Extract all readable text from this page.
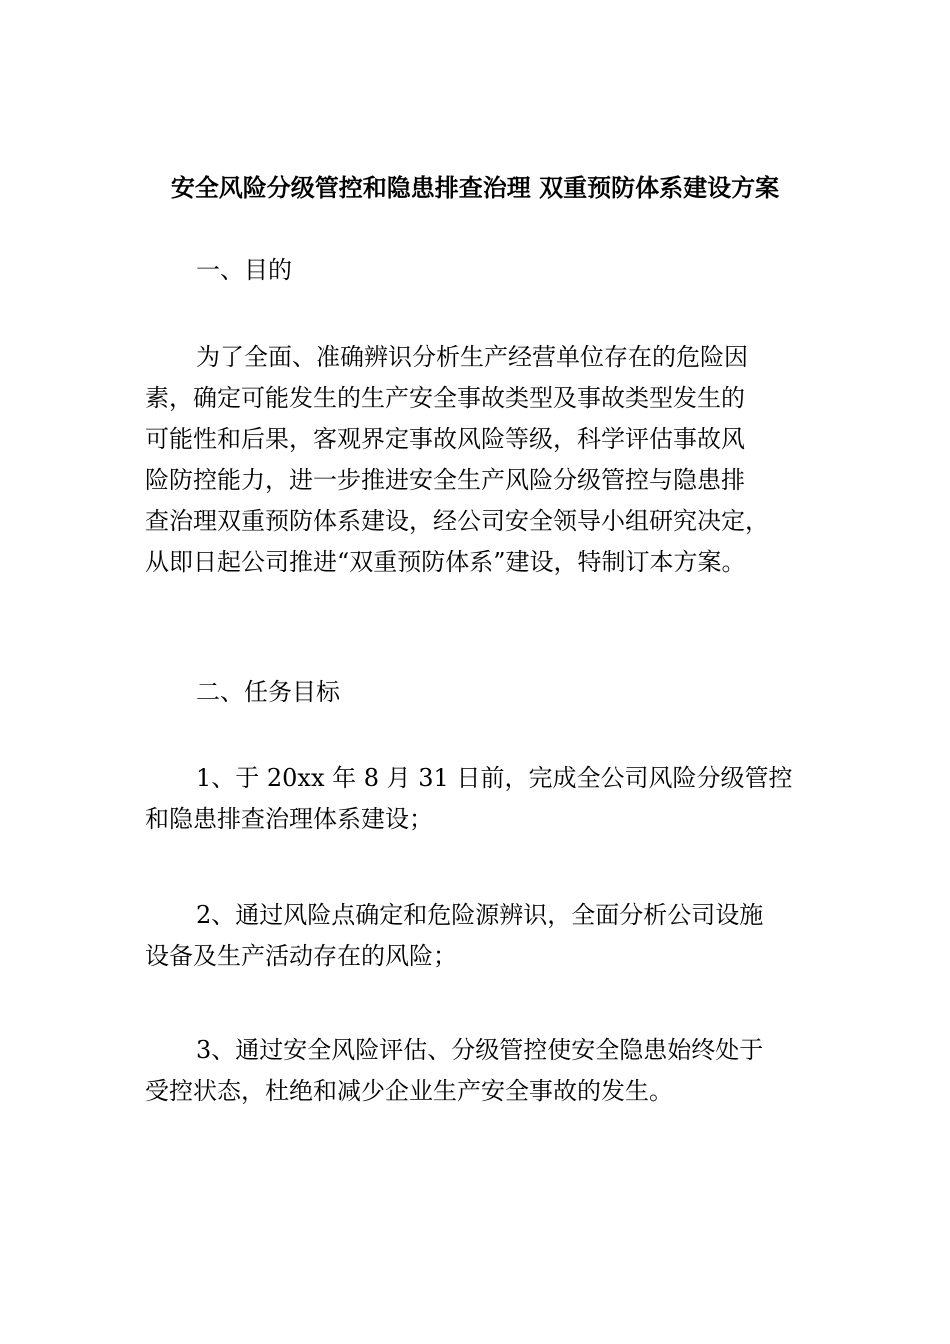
安全风险分级管控和隐患排查治理 双重预防体系建设方案
一、目的
为了全面、准确辨识分析生产经营单位存在的危险因
素，确定可能发生的生产安全事故类型及事故类型发生的
可能性和后果，客观界定事故风险等级，科学评估事故风
险防控能力，进一步推进安全生产风险分级管控与隐患排
查治理双重预防体系建设，经公司安全领导小组研究决定，
从即日起公司推进“双重预防体系”建设，特制订本方案。
二、任务目标
1、于 20xx 年 8 月 31 日前，完成全公司风险分级管控
和隐患排查治理体系建设；
2、通过风险点确定和危险源辨识，全面分析公司设施
设备及生产活动存在的风险；
3、通过安全风险评估、分级管控使安全隐患始终处于
受控状态，杜绝和减少企业生产安全事故的发生。
